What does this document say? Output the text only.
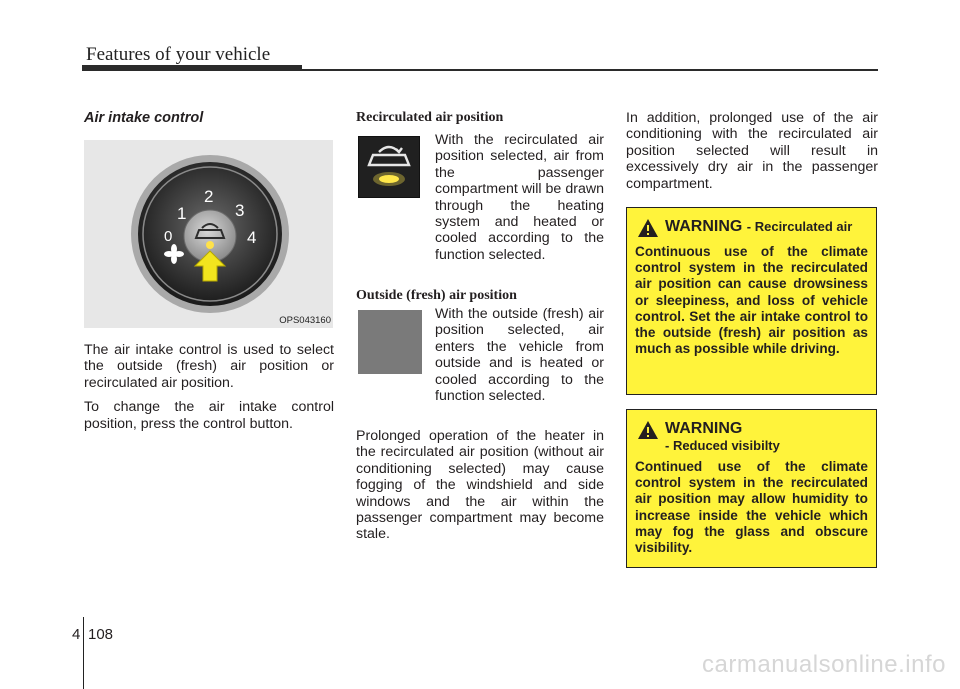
Features of your vehicle
Air intake control
1
2
3
4
0
OPS043160

The air intake control is used to select the outside (fresh) air position or recirculated air position.

To change the air intake control position, press the control button.

Recirculated air position
With the recirculated air position selected, air from the passenger compartment will be drawn through the heating system and heated or cooled according to the function selected.
Outside (fresh) air position
With the outside (fresh) air position selected, air enters the vehicle from outside and is heated or cooled according to the function selected.
Prolonged operation of the heater in the recirculated air position (without air conditioning selected) may cause fogging of the windshield and side windows and the air within the passenger compartment may become stale.

In addition, prolonged use of the air conditioning with the recirculated air position selected will result in excessively dry air in the passenger compartment.

WARNING - Recirculated air
Continuous use of the climate control system in the recirculated air position can cause drowsiness or sleepiness, and loss of vehicle control. Set the air intake control to the outside (fresh) air position as much as possible while driving.
WARNING
- Reduced visibilty
Continued use of the climate control system in the recirculated air position may allow humidity to increase inside the vehicle which may fog the glass and obscure visibility.
4 108
carmanualsonline.info
